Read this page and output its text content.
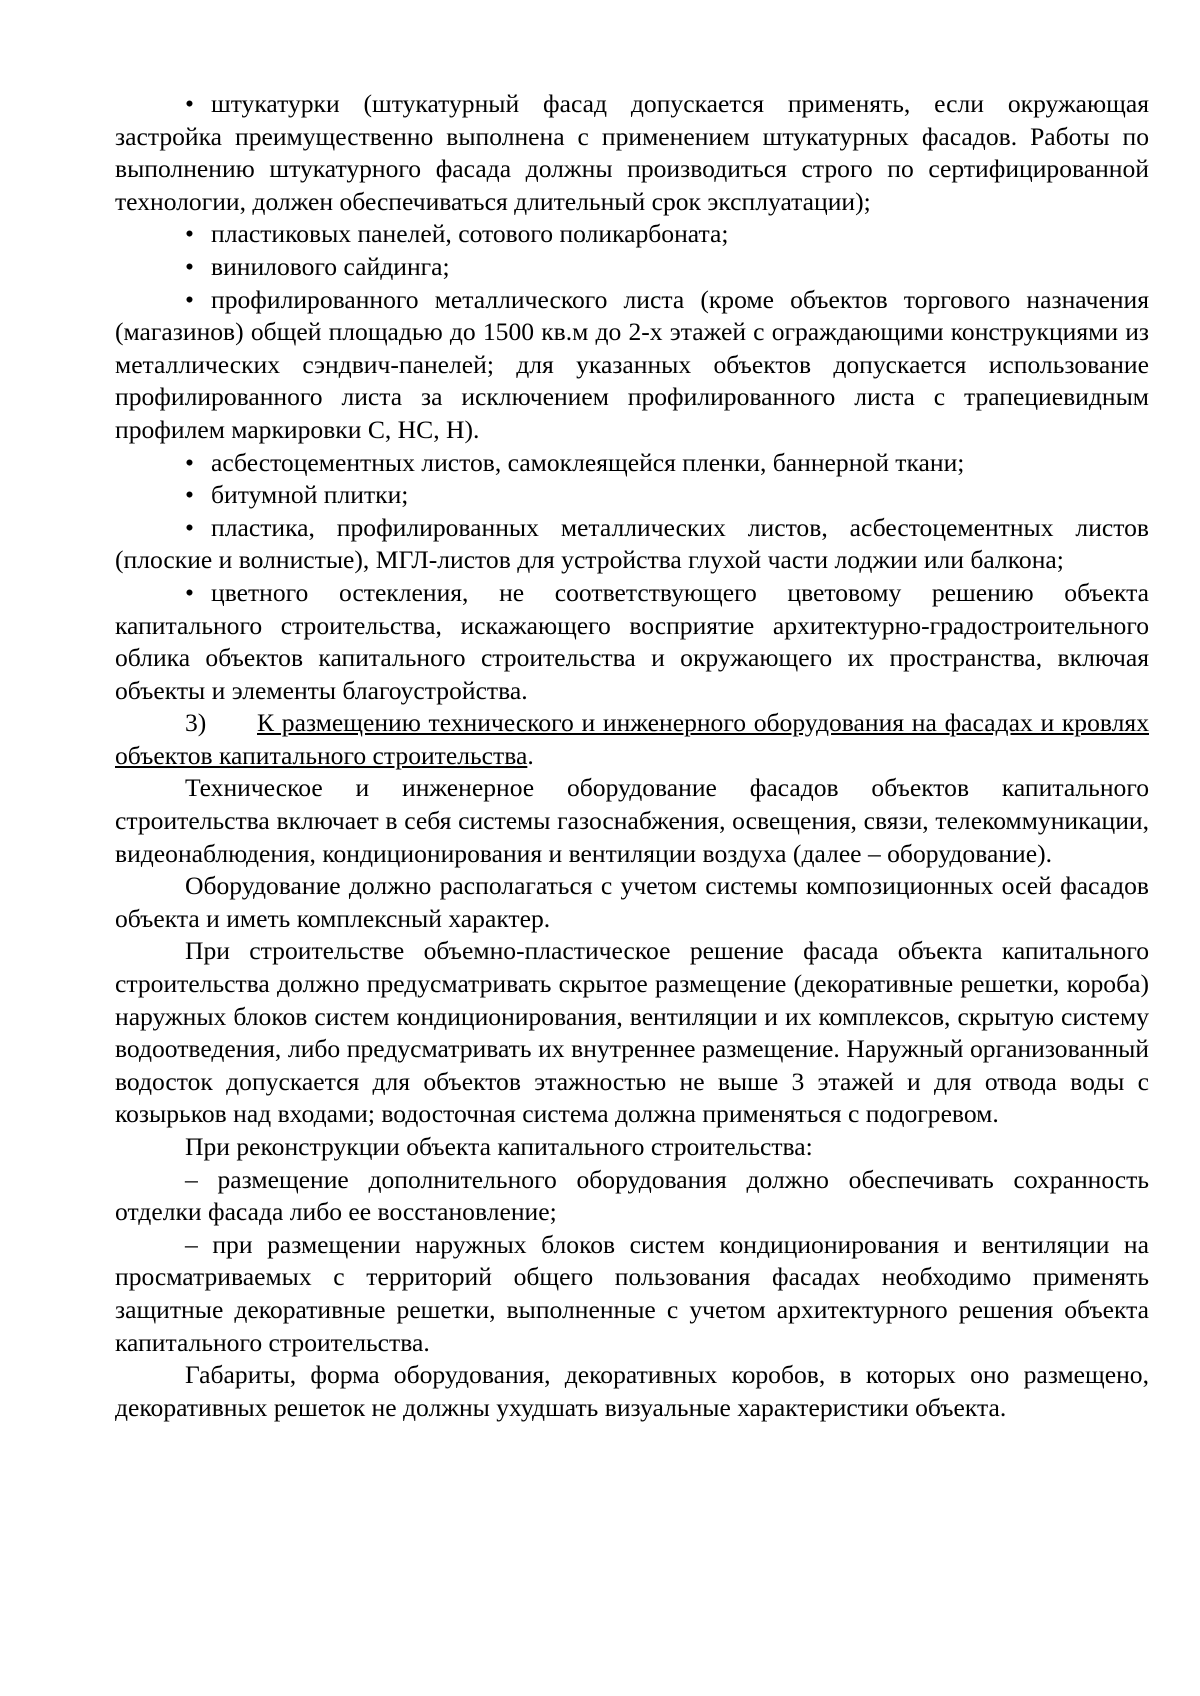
• штукатурки (штукатурный фасад допускается применять, если окружающая застройка преимущественно выполнена с применением штукатурных фасадов. Работы по выполнению штукатурного фасада должны производиться строго по сертифицированной технологии, должен обеспечиваться длительный срок эксплуатации);

• пластиковых панелей, сотового поликарбоната;

• винилового сайдинга;

• профилированного металлического листа (кроме объектов торгового назначения (магазинов) общей площадью до 1500 кв.м до 2-х этажей с ограждающими конструкциями из металлических сэндвич-панелей; для указанных объектов допускается использование профилированного листа за исключением профилированного листа с трапециевидным профилем маркировки С, НС, Н).

• асбестоцементных листов, самоклеящейся пленки, баннерной ткани;

• битумной плитки;

• пластика, профилированных металлических листов, асбестоцементных листов (плоские и волнистые), МГЛ-листов для устройства глухой части лоджии или балкона;

• цветного остекления, не соответствующего цветовому решению объекта капитального строительства, искажающего восприятие архитектурно-градостроительного облика объектов капитального строительства и окружающего их пространства, включая объекты и элементы благоустройства.

3) К размещению технического и инженерного оборудования на фасадах и кровлях объектов капитального строительства.

Техническое и инженерное оборудование фасадов объектов капитального строительства включает в себя системы газоснабжения, освещения, связи, телекоммуникации, видеонаблюдения, кондиционирования и вентиляции воздуха (далее – оборудование).

Оборудование должно располагаться с учетом системы композиционных осей фасадов объекта и иметь комплексный характер.

При строительстве объемно-пластическое решение фасада объекта капитального строительства должно предусматривать скрытое размещение (декоративные решетки, короба) наружных блоков систем кондиционирования, вентиляции и их комплексов, скрытую систему водоотведения, либо предусматривать их внутреннее размещение. Наружный организованный водосток допускается для объектов этажностью не выше 3 этажей и для отвода воды с козырьков над входами; водосточная система должна применяться с подогревом.

При реконструкции объекта капитального строительства:

– размещение дополнительного оборудования должно обеспечивать сохранность отделки фасада либо ее восстановление;

– при размещении наружных блоков систем кондиционирования и вентиляции на просматриваемых с территорий общего пользования фасадах необходимо применять защитные декоративные решетки, выполненные с учетом архитектурного решения объекта капитального строительства.

Габариты, форма оборудования, декоративных коробов, в которых оно размещено, декоративных решеток не должны ухудшать визуальные характеристики объекта.
